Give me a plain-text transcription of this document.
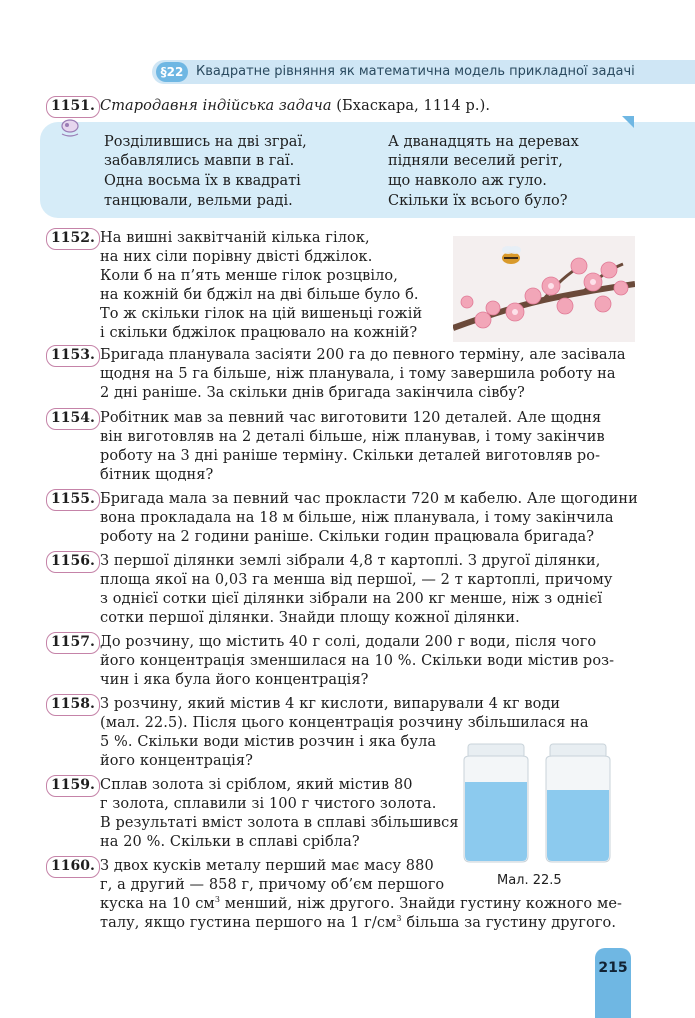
§22 Квадратне рівняння як математична модель прикладної задачі
1151. Стародавня індійська задача (Бхаскара, 1114 р.).
Розділившись на дві зграї,
забавлялись мавпи в гаї.
Одна восьма їх в квадраті
танцювали, вельми раді.
А дванадцять на деревах
підняли веселий регіт,
що навколо аж гуло.
Скільки їх всього було?
1152. На вишні заквітчаній кілька гілок,
на них сіли порівну двісті бджілок.
Коли б на п’ять менше гілок розцвіло,
на кожній би бджіл на дві більше було б.
То ж скільки гілок на цій вишеньці гожій
і скільки бджілок працювало на кожній?
1153. Бригада планувала засіяти 200 га до певного терміну, але засівала
щодня на 5 га більше, ніж планувала, і тому завершила роботу на
2 дні раніше. За скільки днів бригада закінчила сівбу?
1154. Робітник мав за певний час виготовити 120 деталей. Але щодня
він виготовляв на 2 деталі більше, ніж планував, і тому закінчив
роботу на 3 дні раніше терміну. Скільки деталей виготовляв ро-
бітник щодня?
1155. Бригада мала за певний час прокласти 720 м кабелю. Але щогодини
вона прокладала на 18 м більше, ніж планувала, і тому закінчила
роботу на 2 години раніше. Скільки годин працювала бригада?
1156. З першої ділянки землі зібрали 4,8 т картоплі. З другої ділянки,
площа якої на 0,03 га менша від першої, — 2 т картоплі, причому
з однієї сотки цієї ділянки зібрали на 200 кг менше, ніж з однієї
сотки першої ділянки. Знайди площу кожної ділянки.
1157. До розчину, що містить 40 г солі, додали 200 г води, після чого
його концентрація зменшилася на 10 %. Скільки води містив роз-
чин і яка була його концентрація?
1158. З розчину, який містив 4 кг кислоти, випарували 4 кг води
(мал. 22.5). Після цього концентрація розчину збільшилася на
5 %. Скільки води містив розчин і яка була
його концентрація?
1159. Сплав золота зі сріблом, який містив 80
г золота, сплавили зі 100 г чистого золота.
В результаті вміст золота в сплаві збільшився
на 20 %. Скільки в сплаві срібла?
Мал. 22.5
1160. З двох кусків металу перший має масу 880
г, а другий — 858 г, причому об’єм першого
куска на 10 $см^3$ менший, ніж другого. Знайди густину кожного ме-
талу, якщо густина першого на 1 $г/см^3$ більша за густину другого.
215
